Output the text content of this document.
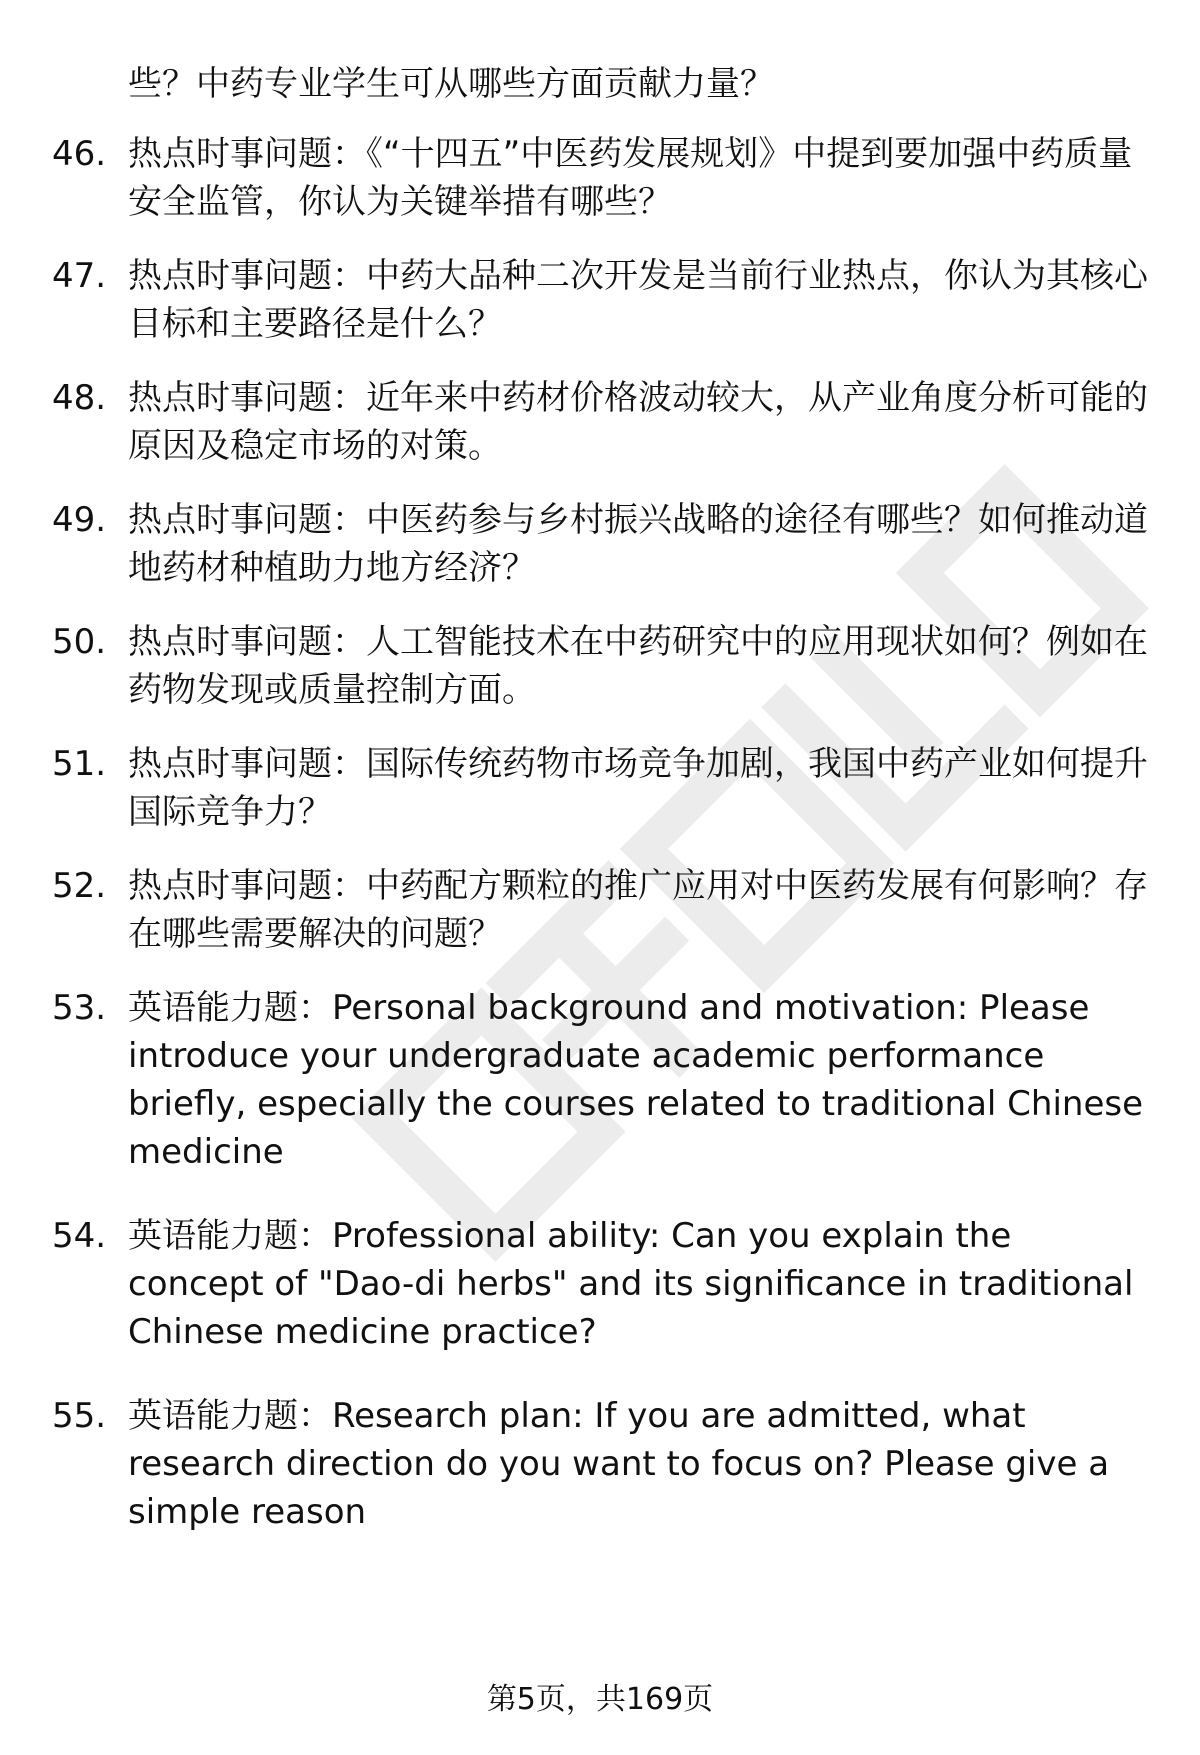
些？中药专业学生可从哪些方面贡献力量？
46. 热点时事问题：《“十四五”中医药发展规划》中提到要加强中药质量安全监管，你认为关键举措有哪些？
47. 热点时事问题：中药大品种二次开发是当前行业热点，你认为其核心目标和主要路径是什么？
48. 热点时事问题：近年来中药材价格波动较大，从产业角度分析可能的原因及稳定市场的对策。
49. 热点时事问题：中医药参与乡村振兴战略的途径有哪些？如何推动道地药材种植助力地方经济？
50. 热点时事问题：人工智能技术在中药研究中的应用现状如何？例如在药物发现或质量控制方面。
51. 热点时事问题：国际传统药物市场竞争加剧，我国中药产业如何提升国际竞争力？
52. 热点时事问题：中药配方颗粒的推广应用对中医药发展有何影响？存在哪些需要解决的问题？
53. 英语能力题：Personal background and motivation: Please introduce your undergraduate academic performance briefly, especially the courses related to traditional Chinese medicine
54. 英语能力题：Professional ability: Can you explain the concept of "Dao-di herbs" and its significance in traditional Chinese medicine practice?
55. 英语能力题：Research plan: If you are admitted, what research direction do you want to focus on? Please give a simple reason
第5页，共169页
